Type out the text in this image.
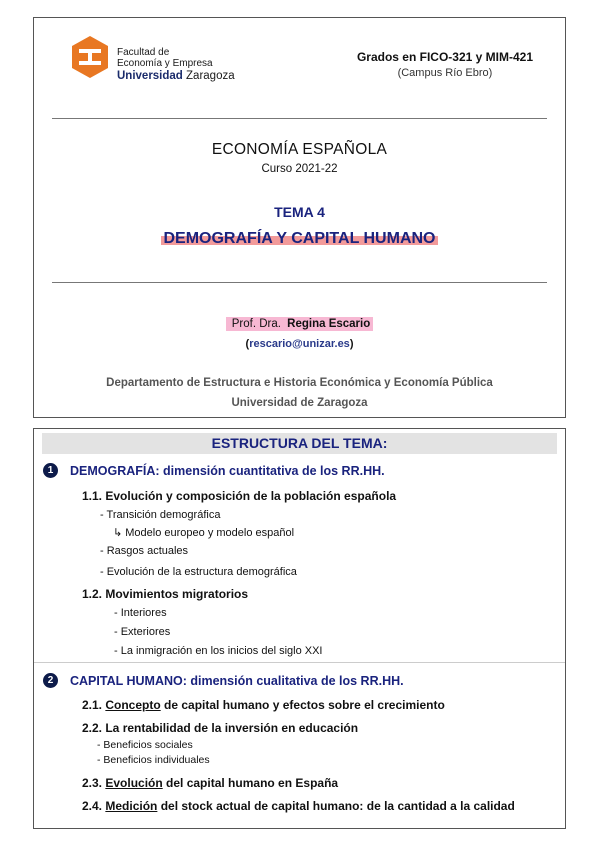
Facultad de
Economía y Empresa
Universidad Zaragoza
Grados en FICO-321 y MIM-421
(Campus Río Ebro)
ECONOMÍA ESPAÑOLA
Curso 2021-22
TEMA 4
DEMOGRAFÍA Y CAPITAL HUMANO
Prof. Dra. Regina Escario
(rescario@unizar.es)
Departamento de Estructura e Historia Económica y Economía Pública
Universidad de Zaragoza
ESTRUCTURA DEL TEMA:
1	DEMOGRAFÍA: dimensión cuantitativa de los RR.HH.
1.1. Evolución y composición de la población española
- Transición demográfica
↳ Modelo europeo y modelo español
- Rasgos actuales
- Evolución de la estructura demográfica
1.2. Movimientos migratorios
- Interiores
- Exteriores
- La inmigración en los inicios del siglo XXI
2	CAPITAL HUMANO: dimensión cualitativa de los RR.HH.
2.1. Concepto de capital humano y efectos sobre el crecimiento
2.2. La rentabilidad de la inversión en educación
- Beneficios sociales
- Beneficios individuales
2.3. Evolución del capital humano en España
2.4. Medición del stock actual de capital humano: de la cantidad a la calidad
